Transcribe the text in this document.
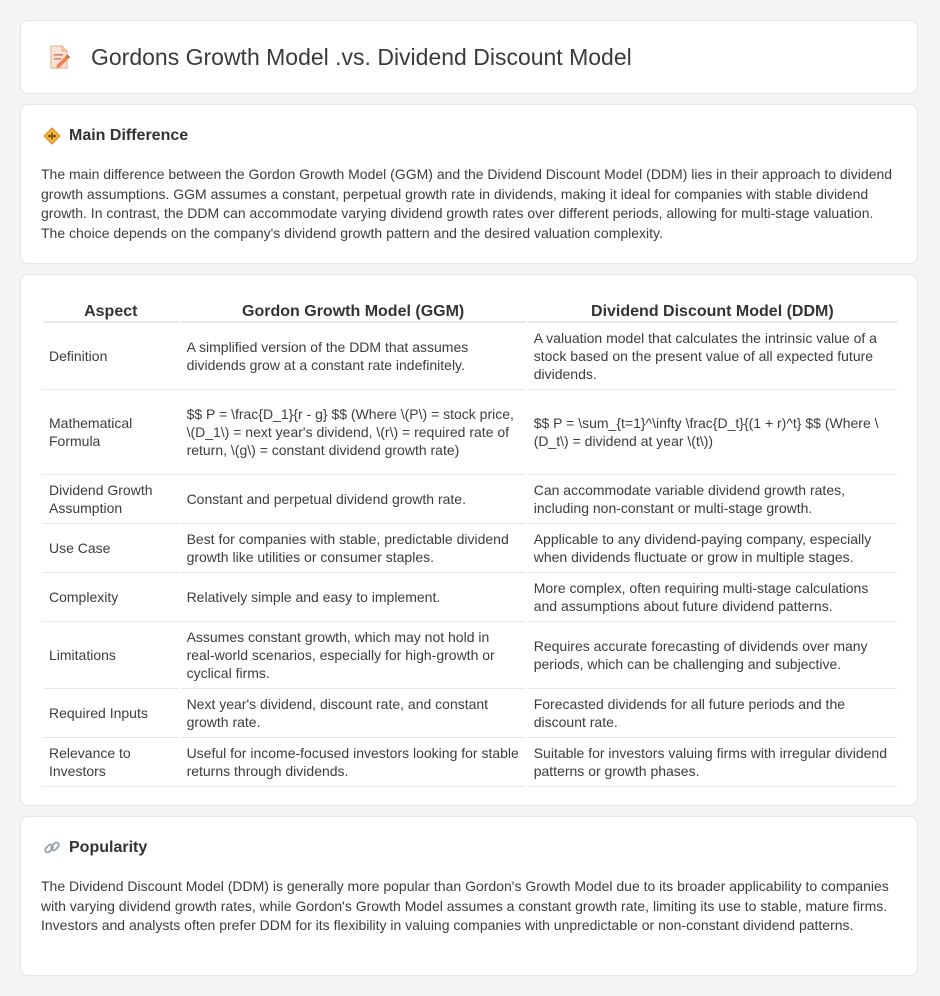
Gordons Growth Model .vs. Dividend Discount Model
Main Difference

The main difference between the Gordon Growth Model (GGM) and the Dividend Discount Model (DDM) lies in their approach to dividend growth assumptions. GGM assumes a constant, perpetual growth rate in dividends, making it ideal for companies with stable dividend growth. In contrast, the DDM can accommodate varying dividend growth rates over different periods, allowing for multi-stage valuation. The choice depends on the company's dividend growth pattern and the desired valuation complexity.

Aspect	Gordon Growth Model (GGM)	Dividend Discount Model (DDM)
Definition	A simplified version of the DDM that assumes dividends grow at a constant rate indefinitely.	A valuation model that calculates the intrinsic value of a stock based on the present value of all expected future dividends.
Mathematical Formula	$$ P = \frac{D_1}{r - g} $$ (Where \(P\) = stock price, \(D_1\) = next year's dividend, \(r\) = required rate of return, \(g\) = constant dividend growth rate)	$$ P = \sum_{t=1}^\infty \frac{D_t}{(1 + r)^t} $$ (Where \(D_t\) = dividend at year \(t\))
Dividend Growth Assumption	Constant and perpetual dividend growth rate.	Can accommodate variable dividend growth rates, including non-constant or multi-stage growth.
Use Case	Best for companies with stable, predictable dividend growth like utilities or consumer staples.	Applicable to any dividend-paying company, especially when dividends fluctuate or grow in multiple stages.
Complexity	Relatively simple and easy to implement.	More complex, often requiring multi-stage calculations and assumptions about future dividend patterns.
Limitations	Assumes constant growth, which may not hold in real-world scenarios, especially for high-growth or cyclical firms.	Requires accurate forecasting of dividends over many periods, which can be challenging and subjective.
Required Inputs	Next year's dividend, discount rate, and constant growth rate.	Forecasted dividends for all future periods and the discount rate.
Relevance to Investors	Useful for income-focused investors looking for stable returns through dividends.	Suitable for investors valuing firms with irregular dividend patterns or growth phases.
Popularity

The Dividend Discount Model (DDM) is generally more popular than Gordon's Growth Model due to its broader applicability to companies with varying dividend growth rates, while Gordon's Growth Model assumes a constant growth rate, limiting its use to stable, mature firms. Investors and analysts often prefer DDM for its flexibility in valuing companies with unpredictable or non-constant dividend patterns.
